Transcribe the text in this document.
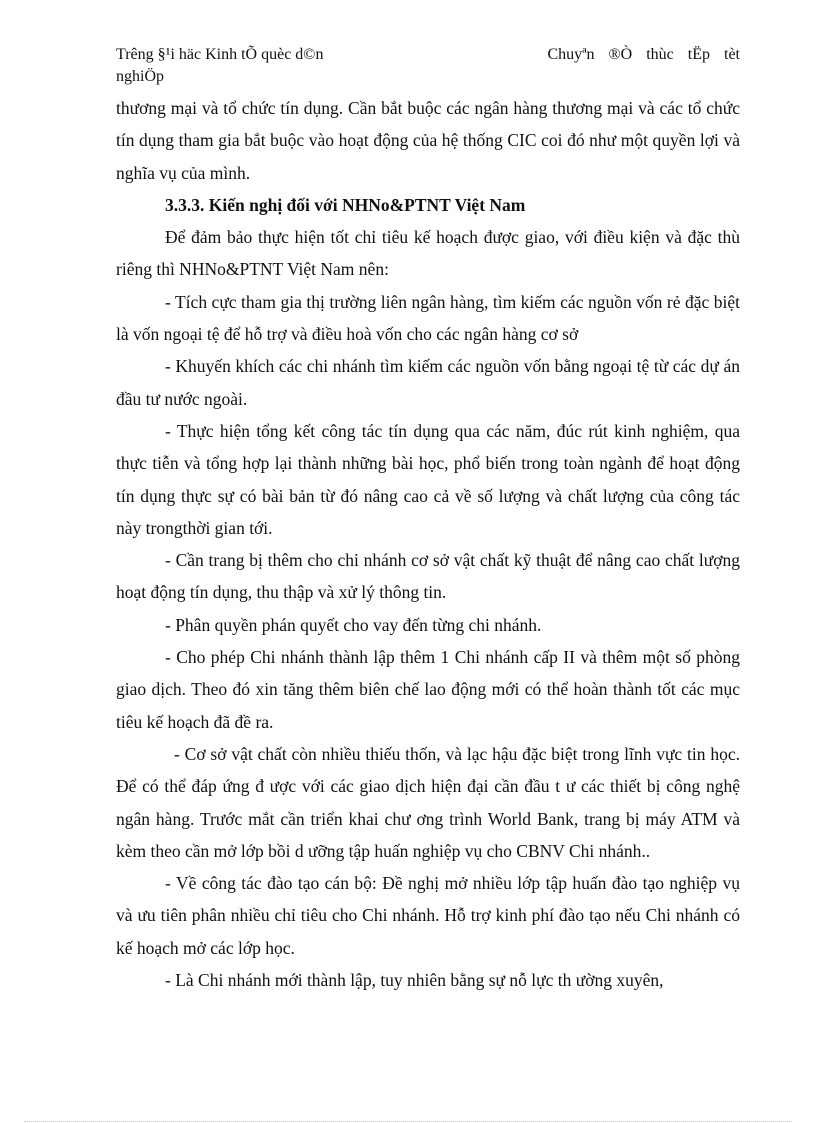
Trêng §¹i häc Kinh tÕ quèc d©n
nghiÖp
Chuyªn ®Ò thùc tËp tèt

thương mại và tổ chức tín dụng. Cần bắt buộc các ngân hàng thương mại và các tổ chức tín dụng tham gia bắt buộc vào hoạt động của hệ thống CIC coi đó như một quyền lợi và nghĩa vụ của mình.

3.3.3. Kiến nghị đối với NHNo&PTNT Việt Nam

Để đảm bảo thực hiện tốt chỉ tiêu kế hoạch được giao, với điều kiện và đặc thù riêng thì NHNo&PTNT Việt Nam nên:

- Tích cực tham gia thị trường liên ngân hàng, tìm kiếm các nguồn vốn rẻ đặc biệt là vốn ngoại tệ để hỗ trợ và điều hoà vốn cho các ngân hàng cơ sở

- Khuyến khích các chi nhánh tìm kiếm các nguồn vốn bằng ngoại tệ từ các dự án đầu tư nước ngoài.

- Thực hiện tổng kết công tác tín dụng qua các năm, đúc rút kinh nghiệm, qua thực tiễn và tổng hợp lại thành những bài học, phổ biến trong toàn ngành để hoạt động tín dụng thực sự có bài bản từ đó nâng cao cả về số lượng và chất lượng của công tác này trongthời gian tới.

- Cần trang bị thêm cho chi nhánh cơ sở vật chất kỹ thuật để nâng cao chất lượng hoạt động tín dụng, thu thập và xử lý thông tin.

- Phân quyền phán quyết cho vay đến từng chi nhánh.

- Cho phép Chi nhánh thành lập thêm 1 Chi nhánh cấp II và thêm một số phòng giao dịch. Theo đó xin tăng thêm biên chế lao động mới có thể hoàn thành tốt các mục tiêu kế hoạch đã đề ra.

- Cơ sở vật chất còn nhiều thiếu thốn, và lạc hậu đặc biệt trong lĩnh vực tin học. Để có thể đáp ứng đ ược với các giao dịch hiện đại cần đầu t ư các thiết bị công nghệ ngân hàng. Trước mắt cần triển khai chư ơng trình World Bank, trang bị máy ATM và kèm theo cần mở lớp bồi d ưỡng tập huấn nghiệp vụ cho CBNV Chi nhánh..

- Về công tác đào tạo cán bộ: Đề nghị mở nhiều lớp tập huấn đào tạo nghiệp vụ và ưu tiên phân nhiều chỉ tiêu cho Chi nhánh. Hỗ trợ kinh phí đào tạo nếu Chi nhánh có kế hoạch mở các lớp học.

- Là Chi nhánh mới thành lập, tuy nhiên bằng sự nỗ lực th ường xuyên,
